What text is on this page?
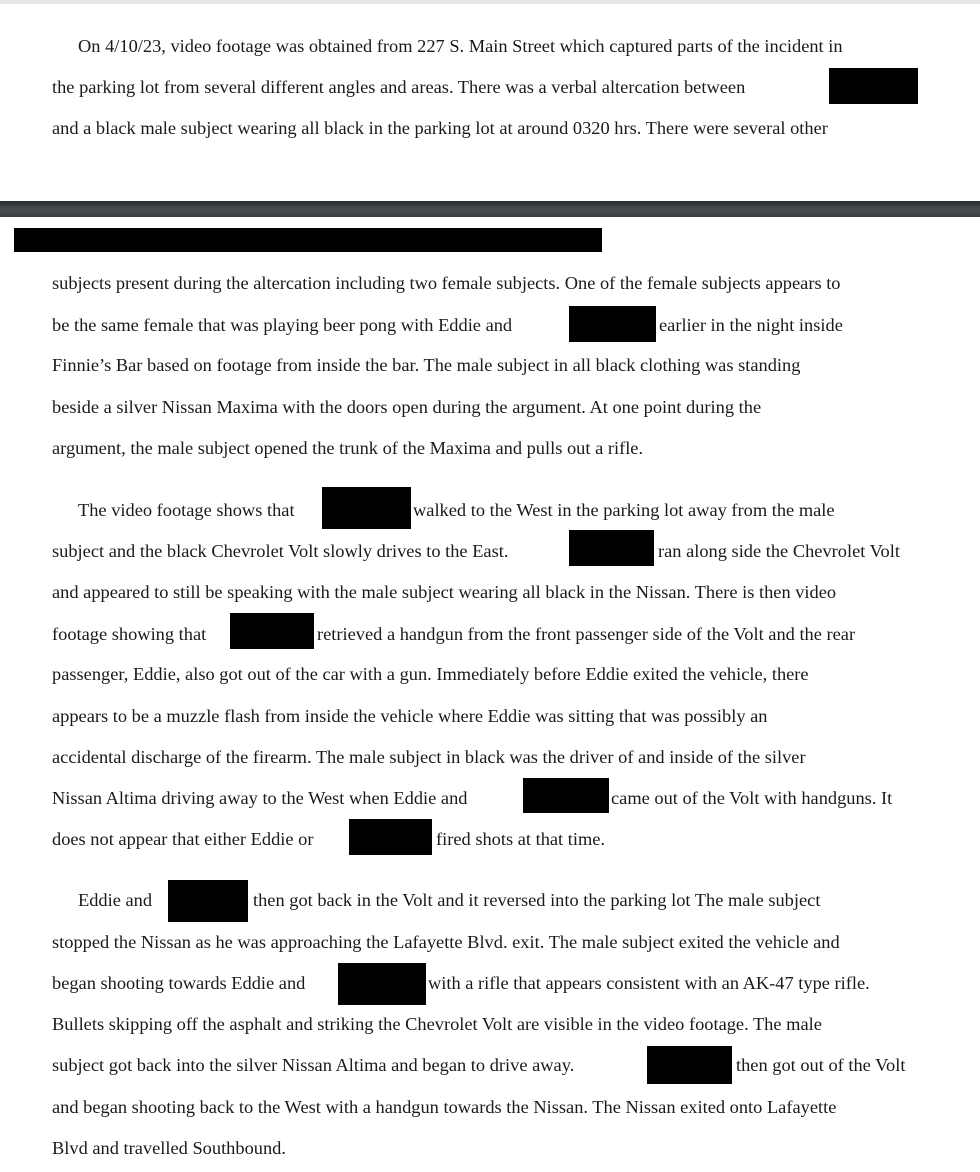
On 4/10/23, video footage was obtained from 227 S. Main Street which captured parts of the incident in
the parking lot from several different angles and areas. There was a verbal altercation between
and a black male subject wearing all black in the parking lot at around 0320 hrs. There were several other
subjects present during the altercation including two female subjects. One of the female subjects appears to
be the same female that was playing beer pong with Eddie and	earlier in the night inside
Finnie’s Bar based on footage from inside the bar. The male subject in all black clothing was standing
beside a silver Nissan Maxima with the doors open during the argument. At one point during the
argument, the male subject opened the trunk of the Maxima and pulls out a rifle.
The video footage shows that	walked to the West in the parking lot away from the male
subject and the black Chevrolet Volt slowly drives to the East.	ran along side the Chevrolet Volt
and appeared to still be speaking with the male subject wearing all black in the Nissan. There is then video
footage showing that	retrieved a handgun from the front passenger side of the Volt and the rear
passenger, Eddie, also got out of the car with a gun. Immediately before Eddie exited the vehicle, there
appears to be a muzzle flash from inside the vehicle where Eddie was sitting that was possibly an
accidental discharge of the firearm. The male subject in black was the driver of and inside of the silver
Nissan Altima driving away to the West when Eddie and	came out of the Volt with handguns. It
does not appear that either Eddie or	fired shots at that time.
Eddie and	then got back in the Volt and it reversed into the parking lot The male subject
stopped the Nissan as he was approaching the Lafayette Blvd. exit. The male subject exited the vehicle and
began shooting towards Eddie and	with a rifle that appears consistent with an AK-47 type rifle.
Bullets skipping off the asphalt and striking the Chevrolet Volt are visible in the video footage. The male
subject got back into the silver Nissan Altima and began to drive away.	then got out of the Volt
and began shooting back to the West with a handgun towards the Nissan. The Nissan exited onto Lafayette
Blvd and travelled Southbound.
